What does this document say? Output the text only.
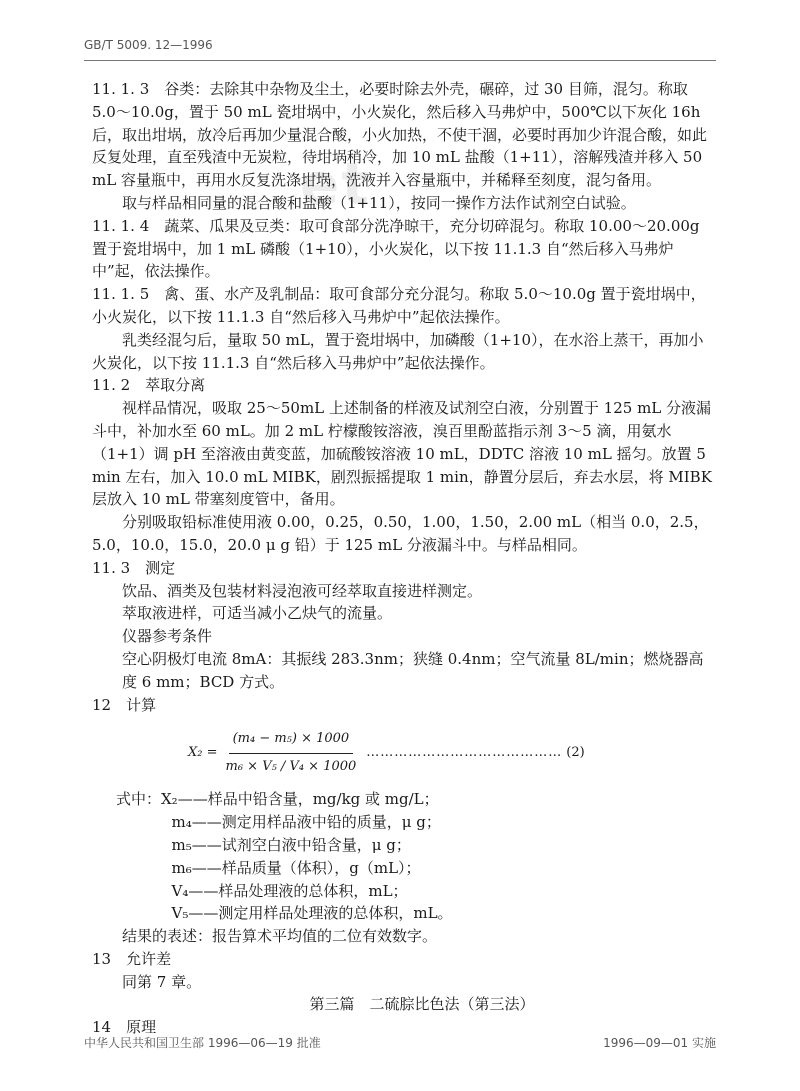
GB/T 5009. 12—1996
et

11. 1. 3　谷类：去除其中杂物及尘土，必要时除去外壳，碾碎，过 30 目筛，混匀。称取 5.0～10.0g，置于 50 mL 瓷坩埚中，小火炭化，然后移入马弗炉中，500℃以下灰化 16h 后，取出坩埚，放冷后再加少量混合酸，小火加热，不使干涸，必要时再加少许混合酸，如此反复处理，直至残渣中无炭粒，待坩埚稍冷，加 10 mL 盐酸（1+11），溶解残渣并移入 50 mL 容量瓶中，再用水反复洗涤坩埚，洗液并入容量瓶中，并稀释至刻度，混匀备用。

取与样品相同量的混合酸和盐酸（1+11），按同一操作方法作试剂空白试验。

11. 1. 4　蔬菜、瓜果及豆类：取可食部分洗净晾干，充分切碎混匀。称取 10.00～20.00g 置于瓷坩埚中，加 1 mL 磷酸（1+10），小火炭化，以下按 11.1.3 自“然后移入马弗炉中”起，依法操作。

11. 1. 5　禽、蛋、水产及乳制品：取可食部分充分混匀。称取 5.0～10.0g 置于瓷坩埚中，小火炭化，以下按 11.1.3 自“然后移入马弗炉中”起依法操作。

乳类经混匀后，量取 50 mL，置于瓷坩埚中，加磷酸（1+10），在水浴上蒸干，再加小火炭化，以下按 11.1.3 自“然后移入马弗炉中”起依法操作。

11. 2　萃取分离

视样品情况，吸取 25～50mL 上述制备的样液及试剂空白液，分别置于 125 mL 分液漏斗中，补加水至 60 mL。加 2 mL 柠檬酸铵溶液，溴百里酚蓝指示剂 3～5 滴，用氨水（1+1）调 pH 至溶液由黄变蓝，加硫酸铵溶液 10 mL，DDTC 溶液 10 mL 摇匀。放置 5 min 左右，加入 10.0 mL MIBK，剧烈振摇提取 1 min，静置分层后，弃去水层，将 MIBK 层放入 10 mL 带塞刻度管中，备用。

分别吸取铅标准使用液 0.00，0.25，0.50，1.00，1.50，2.00 mL（相当 0.0，2.5，5.0，10.0，15.0，20.0 μ g 铅）于 125 mL 分液漏斗中。与样品相同。

11. 3　测定

饮品、酒类及包装材料浸泡液可经萃取直接进样测定。

萃取液进样，可适当减小乙炔气的流量。

仪器参考条件

空心阴极灯电流 8mA：其振线 283.3nm；狭缝 0.4nm；空气流量 8L/min；燃烧器高度 6 mm；BCD 方式。

12　计算

$X_2 = \frac{\text{(m₄ − m₅) × 1000}}{\text{m₆ × V₅ / V₄ × 1000}}$ …………………………………… (2)

式中：X₂——样品中铅含量，mg/kg 或 mg/L；

m₄——测定用样品液中铅的质量，μ g；

m₅——试剂空白液中铅含量，μ g；

m₆——样品质量（体积），g（mL）；

V₄——样品处理液的总体积，mL；

V₅——测定用样品处理液的总体积，mL。

结果的表述：报告算术平均值的二位有效数字。

13　允许差

同第 7 章。

第三篇　二硫腙比色法（第三法）

14　原理

中华人民共和国卫生部 1996—06—19 批准	1996—09—01 实施
